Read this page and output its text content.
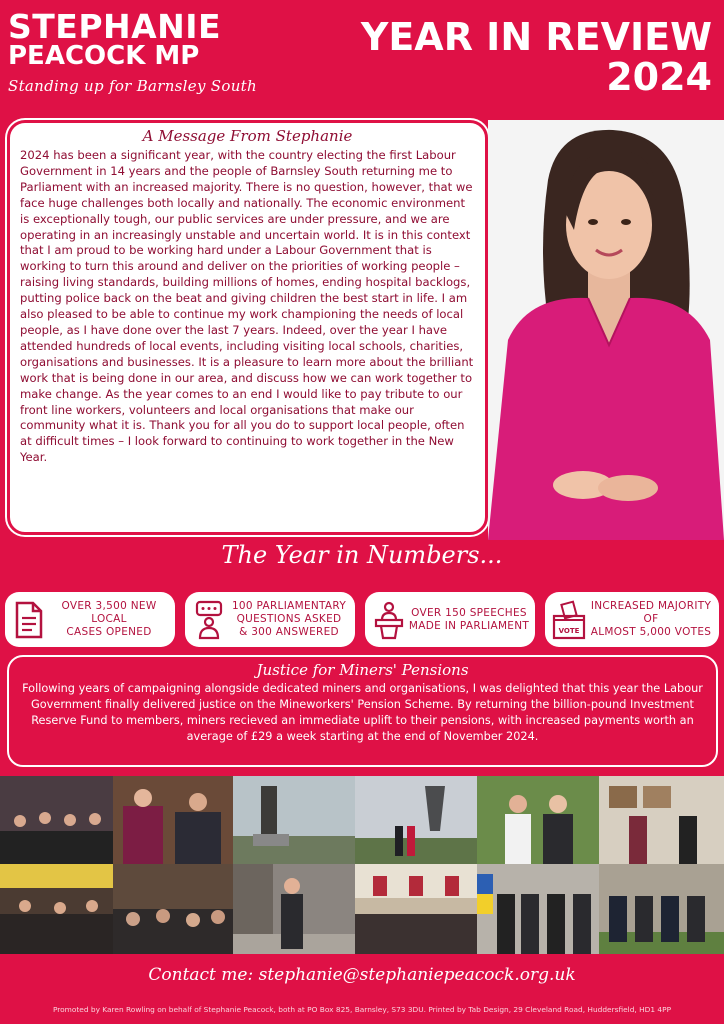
STEPHANIE
PEACOCK MP
Standing up for Barnsley South
YEAR IN REVIEW
2024
A Message From Stephanie
2024 has been a significant year, with the country electing the first Labour Government in 14 years and the people of Barnsley South returning me to Parliament with an increased majority. There is no question, however, that we face huge challenges both locally and nationally. The economic environment is exceptionally tough, our public services are under pressure, and we are operating in an increasingly unstable and uncertain world. It is in this context that I am proud to be working hard under a Labour Government that is working to turn this around and deliver on the priorities of working people – raising living standards, building millions of homes, ending hospital backlogs, putting police back on the beat and giving children the best start in life. I am also pleased to be able to continue my work championing the needs of local people, as I have done over the last 7 years. Indeed, over the year I have attended hundreds of local events, including visiting local schools, charities, organisations and businesses. It is a pleasure to learn more about the brilliant work that is being done in our area, and discuss how we can work together to make change. As the year comes to an end I would like to pay tribute to our front line workers, volunteers and local organisations that make our community what it is. Thank you for all you do to support local people, often at difficult times – I look forward to continuing to work together in the New Year.
The Year in Numbers...
OVER 3,500 NEW LOCAL
CASES OPENED
100 PARLIAMENTARY
QUESTIONS ASKED
& 300 ANSWERED
OVER 150 SPEECHES
MADE IN PARLIAMENT	VOTE
INCREASED MAJORITY OF
ALMOST 5,000 VOTES
Justice for Miners' Pensions
Following years of campaigning alongside dedicated miners and organisations, I was delighted that this year the Labour Government finally delivered justice on the Mineworkers' Pension Scheme. By returning the billion-pound Investment Reserve Fund to members, miners recieved an immediate uplift to their pensions, with increased payments worth an average of £29 a week starting at the end of November 2024.
Contact me: stephanie@stephaniepeacock.org.uk
Promoted by Karen Rowling on behalf of Stephanie Peacock, both at PO Box 825, Barnsley, S73 3DU. Printed by Tab Design, 29 Cleveland Road, Huddersfield, HD1 4PP
